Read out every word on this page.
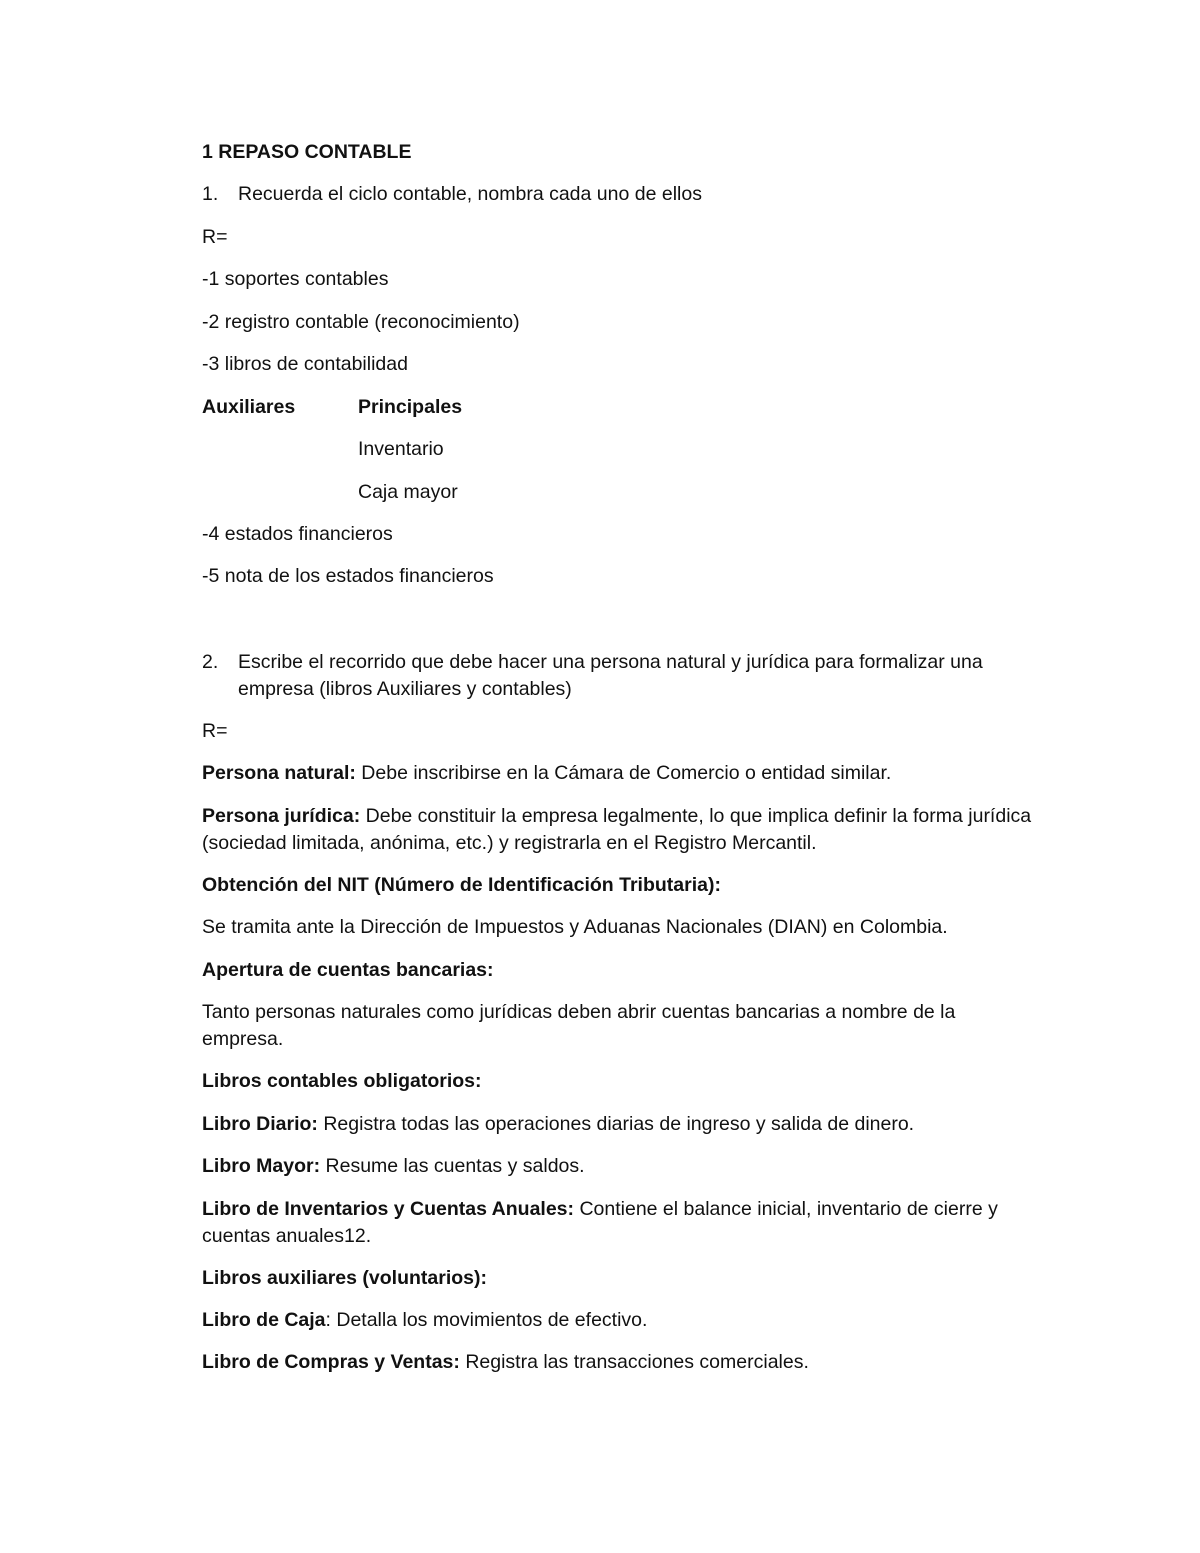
1 REPASO CONTABLE

1. Recuerda el ciclo contable, nombra cada uno de ellos

R=

-1 soportes contables

-2 registro contable (reconocimiento)

-3 libros de contabilidad

Auxiliares	Principales

Inventario

Caja mayor

-4 estados financieros

-5 nota de los estados financieros

2. Escribe el recorrido que debe hacer una persona natural y jurídica para formalizar una empresa (libros Auxiliares y contables)

R=

Persona natural: Debe inscribirse en la Cámara de Comercio o entidad similar.

Persona jurídica: Debe constituir la empresa legalmente, lo que implica definir la forma jurídica (sociedad limitada, anónima, etc.) y registrarla en el Registro Mercantil.

Obtención del NIT (Número de Identificación Tributaria):

Se tramita ante la Dirección de Impuestos y Aduanas Nacionales (DIAN) en Colombia.

Apertura de cuentas bancarias:

Tanto personas naturales como jurídicas deben abrir cuentas bancarias a nombre de la empresa.

Libros contables obligatorios:

Libro Diario: Registra todas las operaciones diarias de ingreso y salida de dinero.

Libro Mayor: Resume las cuentas y saldos.

Libro de Inventarios y Cuentas Anuales: Contiene el balance inicial, inventario de cierre y cuentas anuales12.

Libros auxiliares (voluntarios):

Libro de Caja: Detalla los movimientos de efectivo.

Libro de Compras y Ventas: Registra las transacciones comerciales.
